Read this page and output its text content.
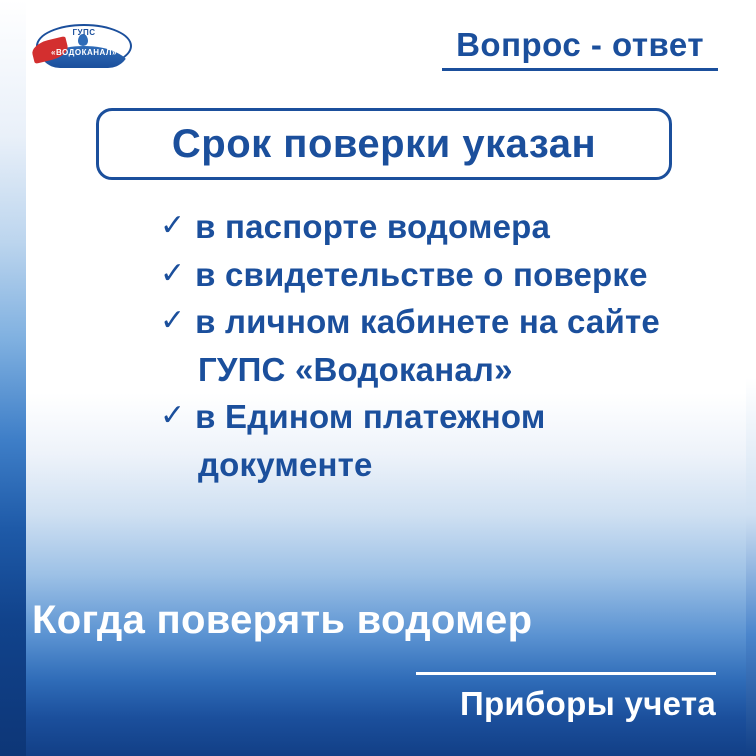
ГУПС
«ВОДОКАНАЛ»	Вопрос - ответ
Срок поверки указан
✓ в паспорте водомера
✓ в свидетельстве о поверке
✓ в личном кабинете на сайте
ГУПС «Водоканал»
✓ в Едином платежном
документе
Когда поверять водомер
Приборы учета
